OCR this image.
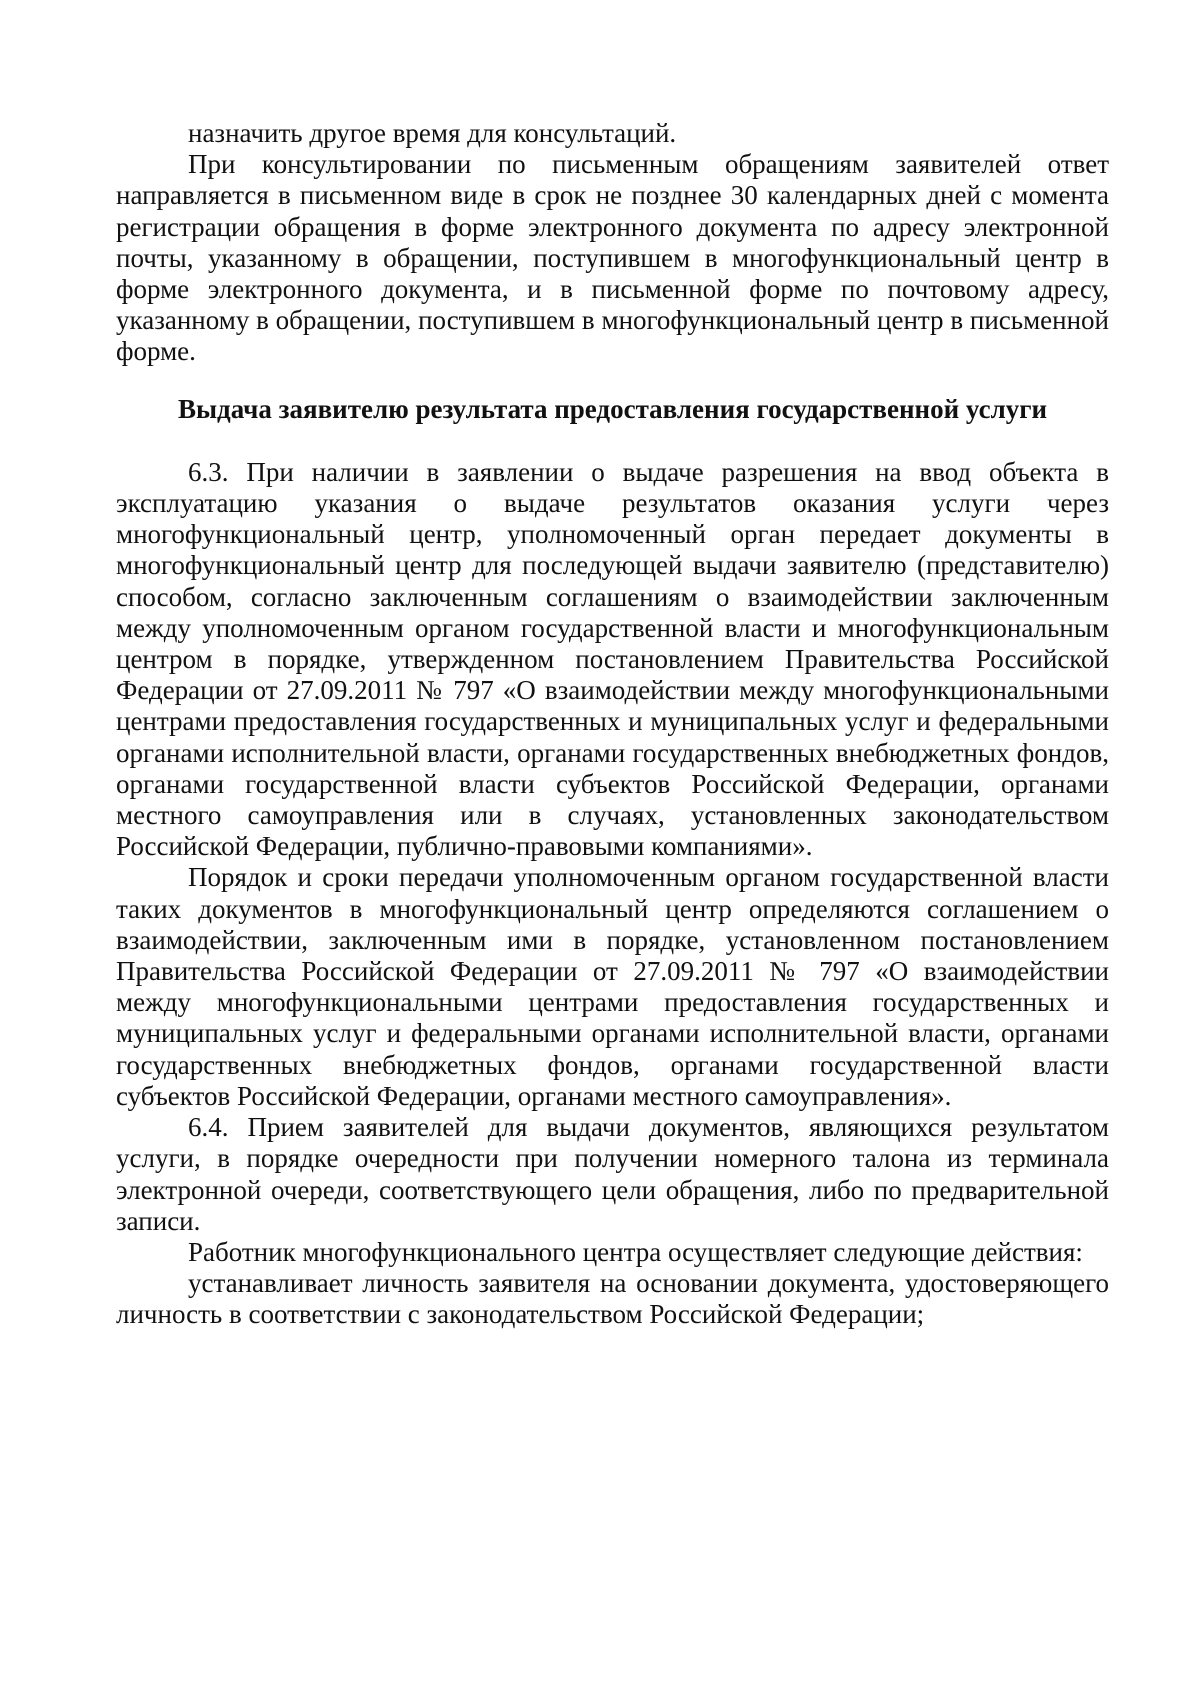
назначить другое время для консультаций.

При консультировании по письменным обращениям заявителей ответ направляется в письменном виде в срок не позднее 30 календарных дней с момента регистрации обращения в форме электронного документа по адресу электронной почты, указанному в обращении, поступившем в многофункциональный центр в форме электронного документа, и в письменной форме по почтовому адресу, указанному в обращении, поступившем в многофункциональный центр в письменной форме.

Выдача заявителю результата предоставления государственной услуги

6.3. При наличии в заявлении о выдаче разрешения на ввод объекта в эксплуатацию указания о выдаче результатов оказания услуги через многофункциональный центр, уполномоченный орган передает документы в многофункциональный центр для последующей выдачи заявителю (представителю) способом, согласно заключенным соглашениям о взаимодействии заключенным между уполномоченным органом государственной власти и многофункциональным центром в порядке, утвержденном постановлением Правительства Российской Федерации от 27.09.2011 № 797 «О взаимодействии между многофункциональными центрами предоставления государственных и муниципальных услуг и федеральными органами исполнительной власти, органами государственных внебюджетных фондов, органами государственной власти субъектов Российской Федерации, органами местного самоуправления или в случаях, установленных законодательством Российской Федерации, публично-правовыми компаниями».

Порядок и сроки передачи уполномоченным органом государственной власти таких документов в многофункциональный центр определяются соглашением о взаимодействии, заключенным ими в порядке, установленном постановлением Правительства Российской Федерации от 27.09.2011 № 797 «О взаимодействии между многофункциональными центрами предоставления государственных и муниципальных услуг и федеральными органами исполнительной власти, органами государственных внебюджетных фондов, органами государственной власти субъектов Российской Федерации, органами местного самоуправления».

6.4. Прием заявителей для выдачи документов, являющихся результатом услуги, в порядке очередности при получении номерного талона из терминала электронной очереди, соответствующего цели обращения, либо по предварительной записи.

Работник многофункционального центра осуществляет следующие действия:

устанавливает личность заявителя на основании документа, удостоверяющего личность в соответствии с законодательством Российской Федерации;
